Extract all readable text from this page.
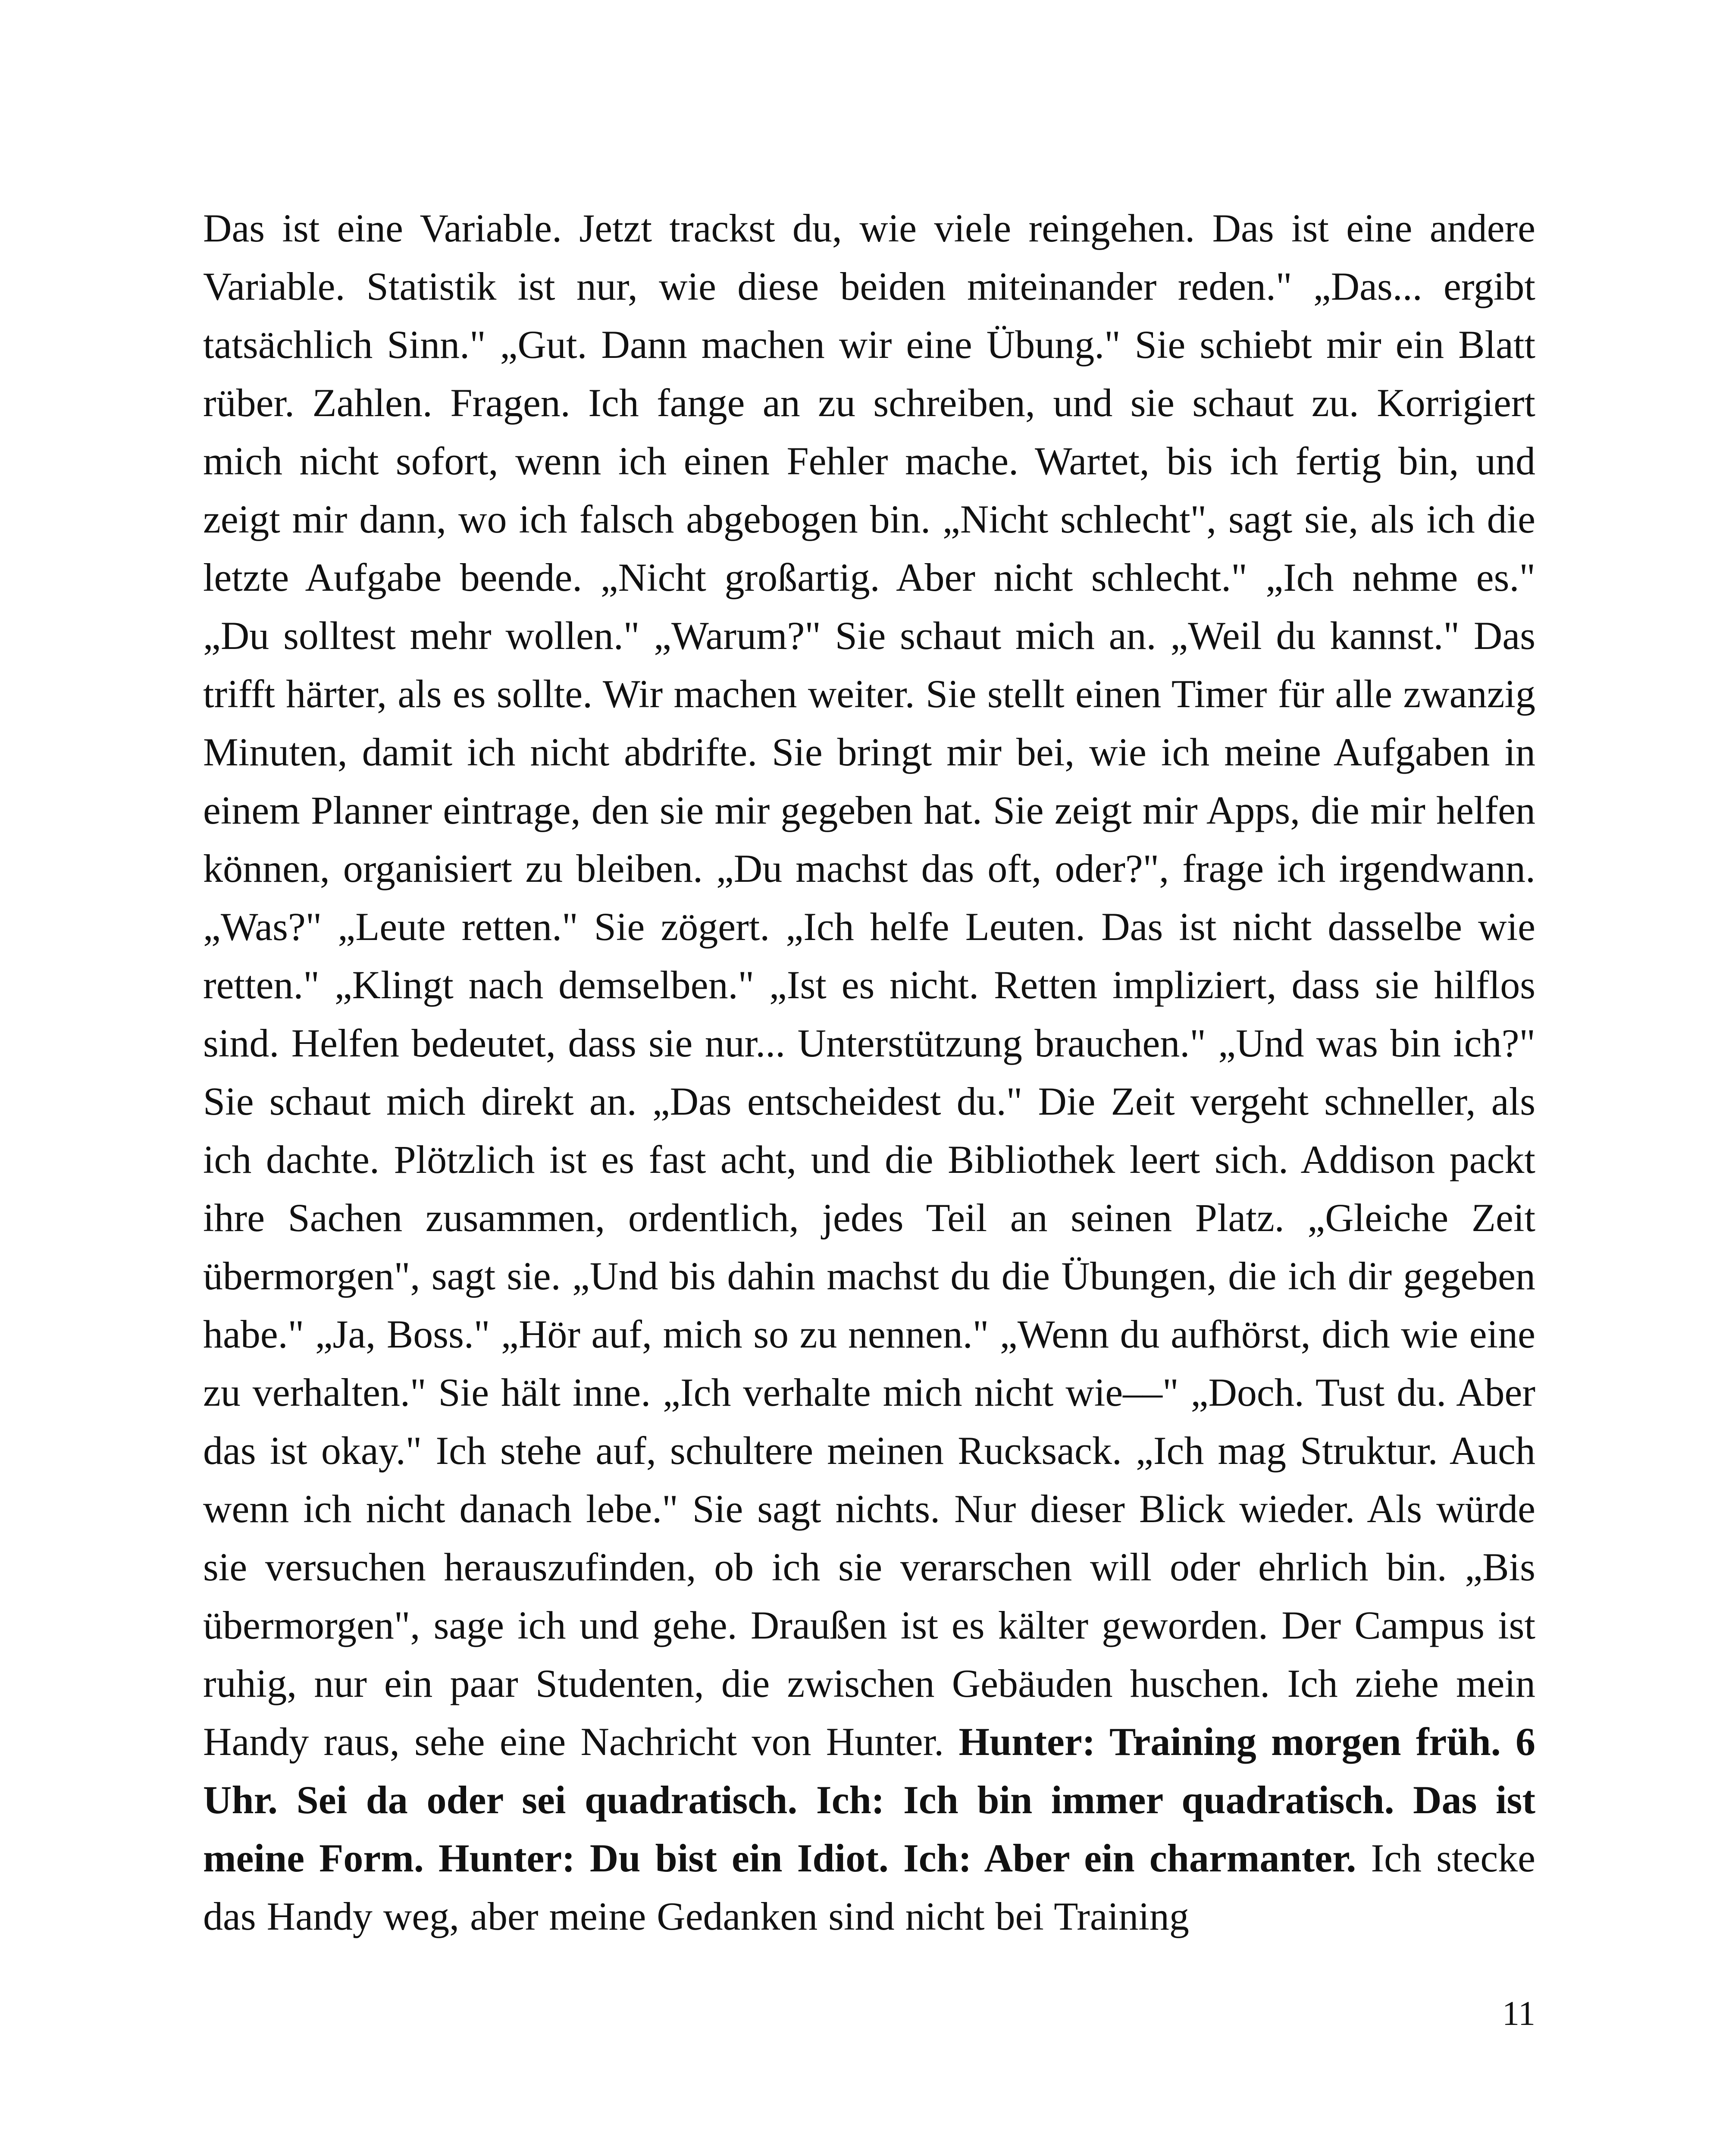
Das ist eine Variable. Jetzt trackst du, wie viele reingehen. Das ist eine andere Variable. Statistik ist nur, wie diese beiden miteinander reden." „Das... ergibt tatsächlich Sinn." „Gut. Dann machen wir eine Übung." Sie schiebt mir ein Blatt rüber. Zahlen. Fragen. Ich fange an zu schreiben, und sie schaut zu. Korrigiert mich nicht sofort, wenn ich einen Fehler mache. Wartet, bis ich fertig bin, und zeigt mir dann, wo ich falsch abgebogen bin. „Nicht schlecht", sagt sie, als ich die letzte Aufgabe beende. „Nicht großartig. Aber nicht schlecht." „Ich nehme es." „Du solltest mehr wollen." „Warum?" Sie schaut mich an. „Weil du kannst." Das trifft härter, als es sollte. Wir machen weiter. Sie stellt einen Timer für alle zwanzig Minuten, damit ich nicht abdrifte. Sie bringt mir bei, wie ich meine Aufgaben in einem Planner eintrage, den sie mir gegeben hat. Sie zeigt mir Apps, die mir helfen können, organisiert zu bleiben. „Du machst das oft, oder?", frage ich irgendwann. „Was?" „Leute retten." Sie zögert. „Ich helfe Leuten. Das ist nicht dasselbe wie retten." „Klingt nach demselben." „Ist es nicht. Retten impliziert, dass sie hilflos sind. Helfen bedeutet, dass sie nur... Unterstützung brauchen." „Und was bin ich?" Sie schaut mich direkt an. „Das entscheidest du." Die Zeit vergeht schneller, als ich dachte. Plötzlich ist es fast acht, und die Bibliothek leert sich. Addison packt ihre Sachen zusammen, ordentlich, jedes Teil an seinen Platz. „Gleiche Zeit übermorgen", sagt sie. „Und bis dahin machst du die Übungen, die ich dir gegeben habe." „Ja, Boss." „Hör auf, mich so zu nennen." „Wenn du aufhörst, dich wie eine zu verhalten." Sie hält inne. „Ich verhalte mich nicht wie–​–" „Doch. Tust du. Aber das ist okay." Ich stehe auf, schultere meinen Rucksack. „Ich mag Struktur. Auch wenn ich nicht danach lebe." Sie sagt nichts. Nur dieser Blick wieder. Als würde sie versuchen herauszufinden, ob ich sie verarschen will oder ehrlich bin. „Bis übermorgen", sage ich und gehe. Draußen ist es kälter geworden. Der Campus ist ruhig, nur ein paar Studenten, die zwischen Gebäuden huschen. Ich ziehe mein Handy raus, sehe eine Nachricht von Hunter. Hunter: Training morgen früh. 6 Uhr. Sei da oder sei quadratisch. Ich: Ich bin immer quadratisch. Das ist meine Form. Hunter: Du bist ein Idiot. Ich: Aber ein charmanter. Ich stecke das Handy weg, aber meine Gedanken sind nicht bei Training

11
